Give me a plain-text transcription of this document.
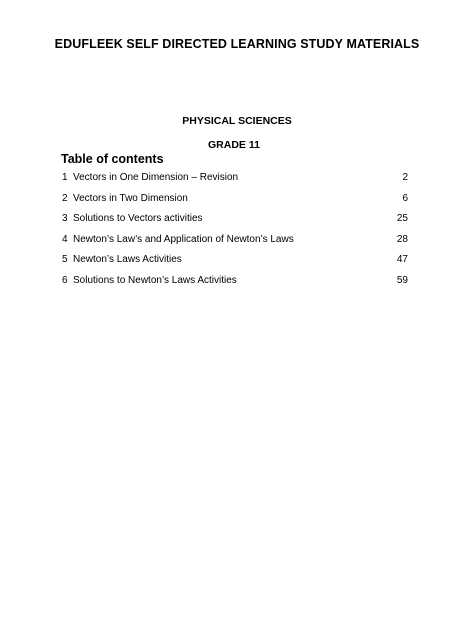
EDUFLEEK SELF DIRECTED LEARNING STUDY MATERIALS
PHYSICAL SCIENCES
GRADE 11
Table of contents
1 Vectors in One Dimension – Revision	2
2 Vectors in Two Dimension	6
3 Solutions to Vectors activities	25
4 Newton’s Law’s and Application of Newton’s Laws	28
5 Newton’s Laws Activities	47
6 Solutions to Newton’s Laws Activities	59
